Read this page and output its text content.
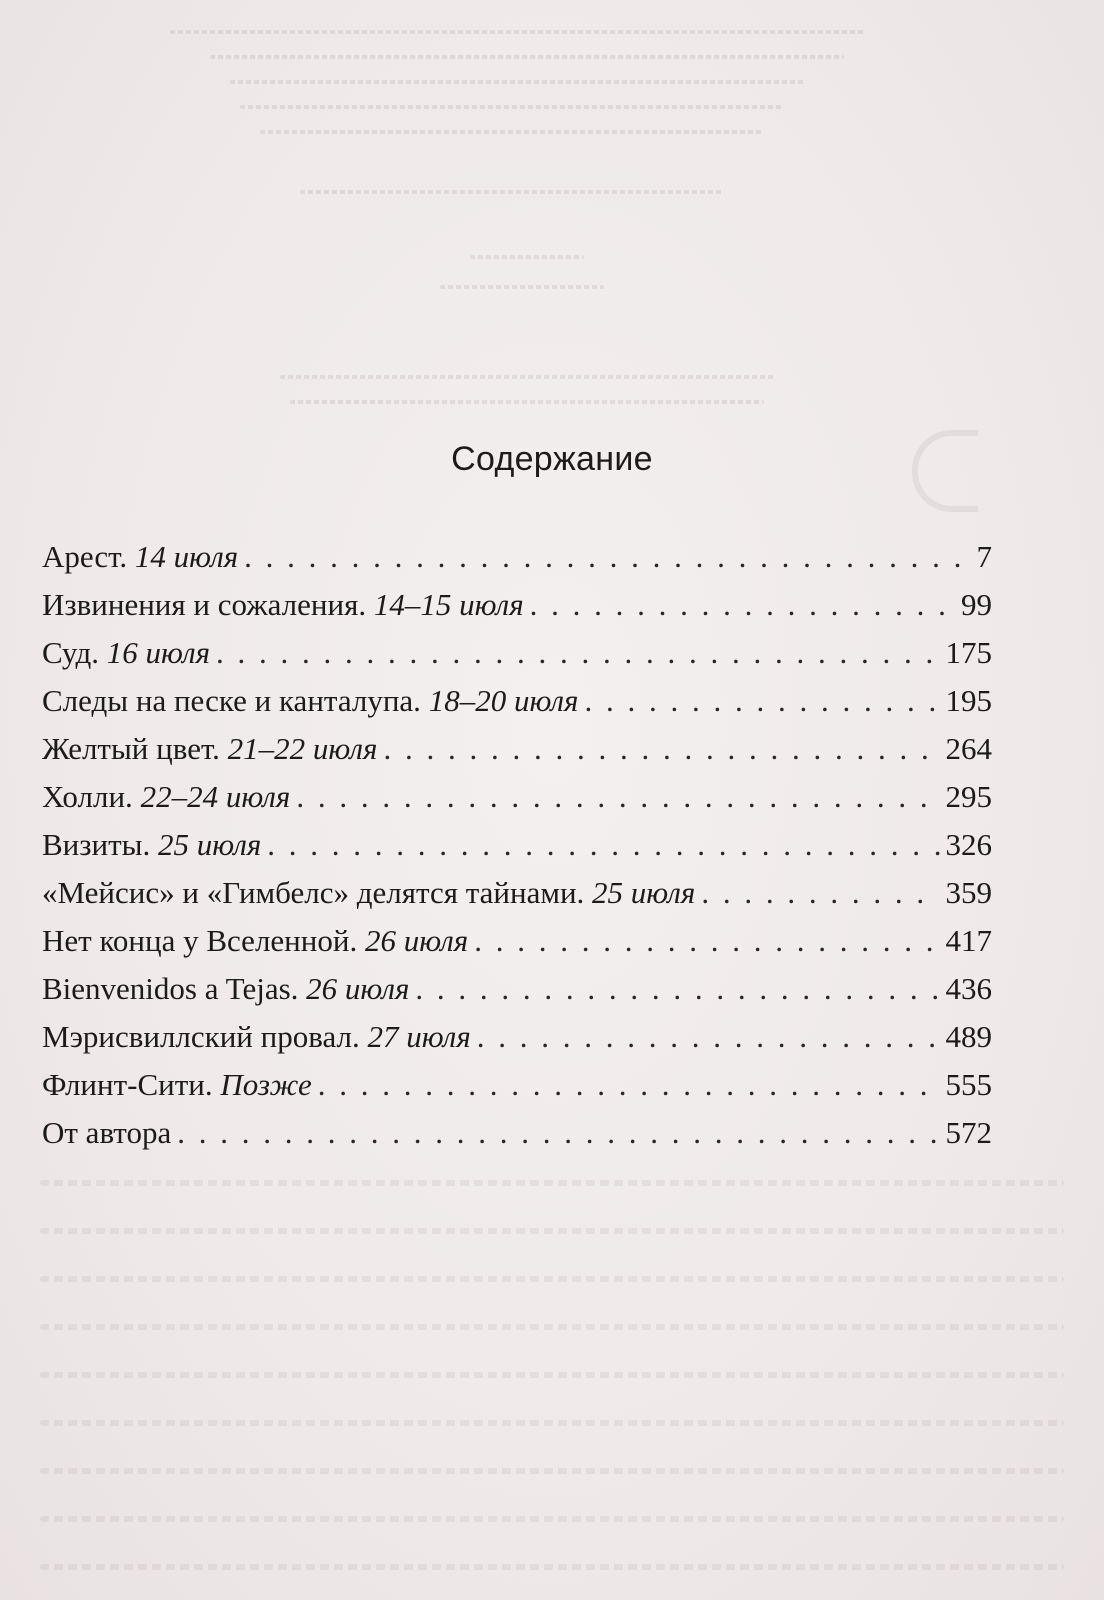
Содержание
Арест. 14 июля . . .	7
Извинения и сожаления. 14–15 июля . . .	99
Суд. 16 июля . . .	175
Следы на песке и канталупа. 18–20 июля . . .	195
Желтый цвет. 21–22 июля . . .	264
Холли. 22–24 июля . . .	295
Визиты. 25 июля . . .	326
«Мейсис» и «Гимбелс» делятся тайнами. 25 июля . . .	359
Нет конца у Вселенной. 26 июля . . .	417
Bienvenidos a Tejas. 26 июля . . .	436
Мэрисвиллский провал. 27 июля . . .	489
Флинт-Сити. Позже . . .	555
От автора . . .	572
